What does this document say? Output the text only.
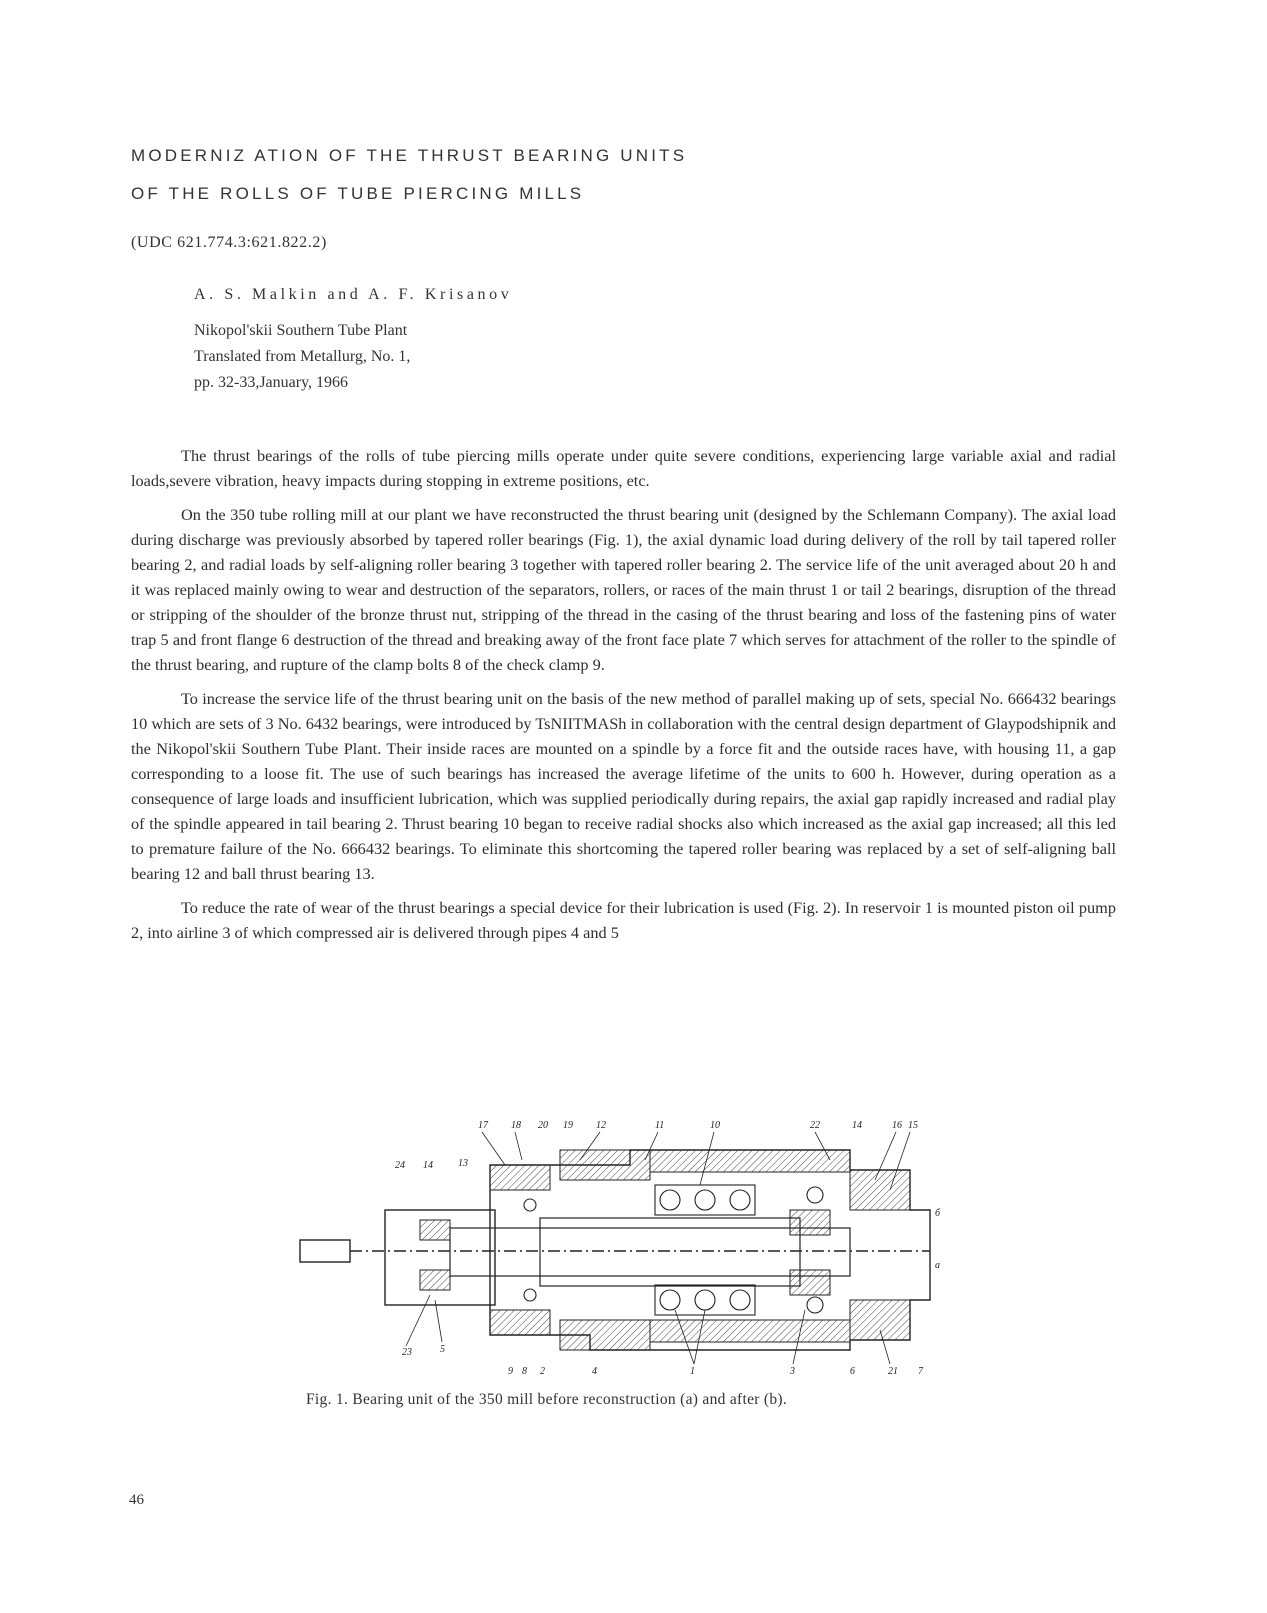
MODERNIZ ATION OF THE THRUST BEARING UNITS
OF THE ROLLS OF TUBE PIERCING MILLS
(UDC 621.774.3:621.822.2)
A. S. Malkin and A. F. Krisanov
Nikopol'skii Southern Tube Plant
Translated from Metallurg, No. 1,
pp. 32-33,January, 1966

The thrust bearings of the rolls of tube piercing mills operate under quite severe conditions, experiencing large variable axial and radial loads,severe vibration, heavy impacts during stopping in extreme positions, etc.

On the 350 tube rolling mill at our plant we have reconstructed the thrust bearing unit (designed by the Schlemann Company). The axial load during discharge was previously absorbed by tapered roller bearings (Fig. 1), the axial dynamic load during delivery of the roll by tail tapered roller bearing 2, and radial loads by self-aligning roller bearing 3 together with tapered roller bearing 2. The service life of the unit averaged about 20 h and it was replaced mainly owing to wear and destruction of the separators, rollers, or races of the main thrust 1 or tail 2 bearings, disruption of the thread or stripping of the shoulder of the bronze thrust nut, stripping of the thread in the casing of the thrust bearing and loss of the fastening pins of water trap 5 and front flange 6 destruction of the thread and breaking away of the front face plate 7 which serves for attachment of the roller to the spindle of the thrust bearing, and rupture of the clamp bolts 8 of the check clamp 9.

To increase the service life of the thrust bearing unit on the basis of the new method of parallel making up of sets, special No. 666432 bearings 10 which are sets of 3 No. 6432 bearings, were introduced by TsNIITMASh in collaboration with the central design department of Glaypodshipnik and the Nikopol'skii Southern Tube Plant. Their inside races are mounted on a spindle by a force fit and the outside races have, with housing 11, a gap corresponding to a loose fit. The use of such bearings has increased the average lifetime of the units to 600 h. However, during operation as a consequence of large loads and insufficient lubrication, which was supplied periodically during repairs, the axial gap rapidly increased and radial play of the spindle appeared in tail bearing 2. Thrust bearing 10 began to receive radial shocks also which increased as the axial gap increased; all this led to premature failure of the No. 666432 bearings. To eliminate this shortcoming the tapered roller bearing was replaced by a set of self-aligning ball bearing 12 and ball thrust bearing 13.

To reduce the rate of wear of the thrust bearings a special device for their lubrication is used (Fig. 2). In reservoir 1 is mounted piston oil pump 2, into airline 3 of which compressed air is delivered through pipes 4 and 5

17 18 20 19 12	11	10	22	14	16 15
24 14	13
б
а
23	5
9 8 2	4	1	3	6	21 7
Fig. 1. Bearing unit of the 350 mill before reconstruction (a) and after (b).
46
